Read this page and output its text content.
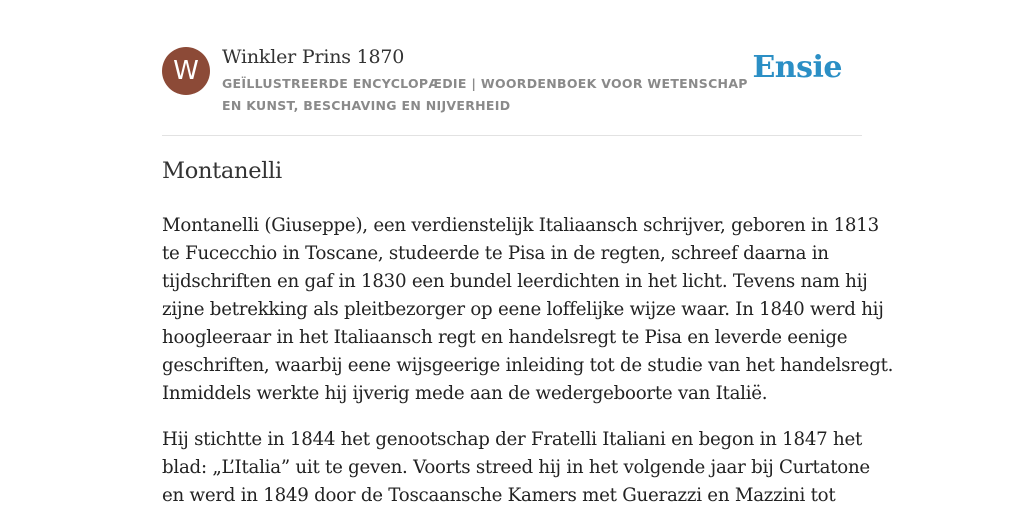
W	Winkler Prins 1870
GEÏLLUSTREERDE ENCYCLOPÆDIE | WOORDENBOEK VOOR WETENSCHAP EN KUNST, BESCHAVING EN NIJVERHEID
Ensie
Montanelli

Montanelli (Giuseppe), een verdienstelijk Italiaansch schrijver, geboren in 1813
te Fucecchio in Toscane, studeerde te Pisa in de regten, schreef daarna in
tijdschriften en gaf in 1830 een bundel leerdichten in het licht. Tevens nam hij
zijne betrekking als pleitbezorger op eene loffelijke wijze waar. In 1840 werd hij
hoogleeraar in het Italiaansch regt en handelsregt te Pisa en leverde eenige
geschriften, waarbij eene wijsgeerige inleiding tot de studie van het handelsregt.
Inmiddels werkte hij ijverig mede aan de wedergeboorte van Italië.

Hij stichtte in 1844 het genootschap der Fratelli Italiani en begon in 1847 het
blad: „L’Italia” uit te geven. Voorts streed hij in het volgende jaar bij Curtatone
en werd in 1849 door de Toscaansche Kamers met Guerazzi en Mazzini tot
